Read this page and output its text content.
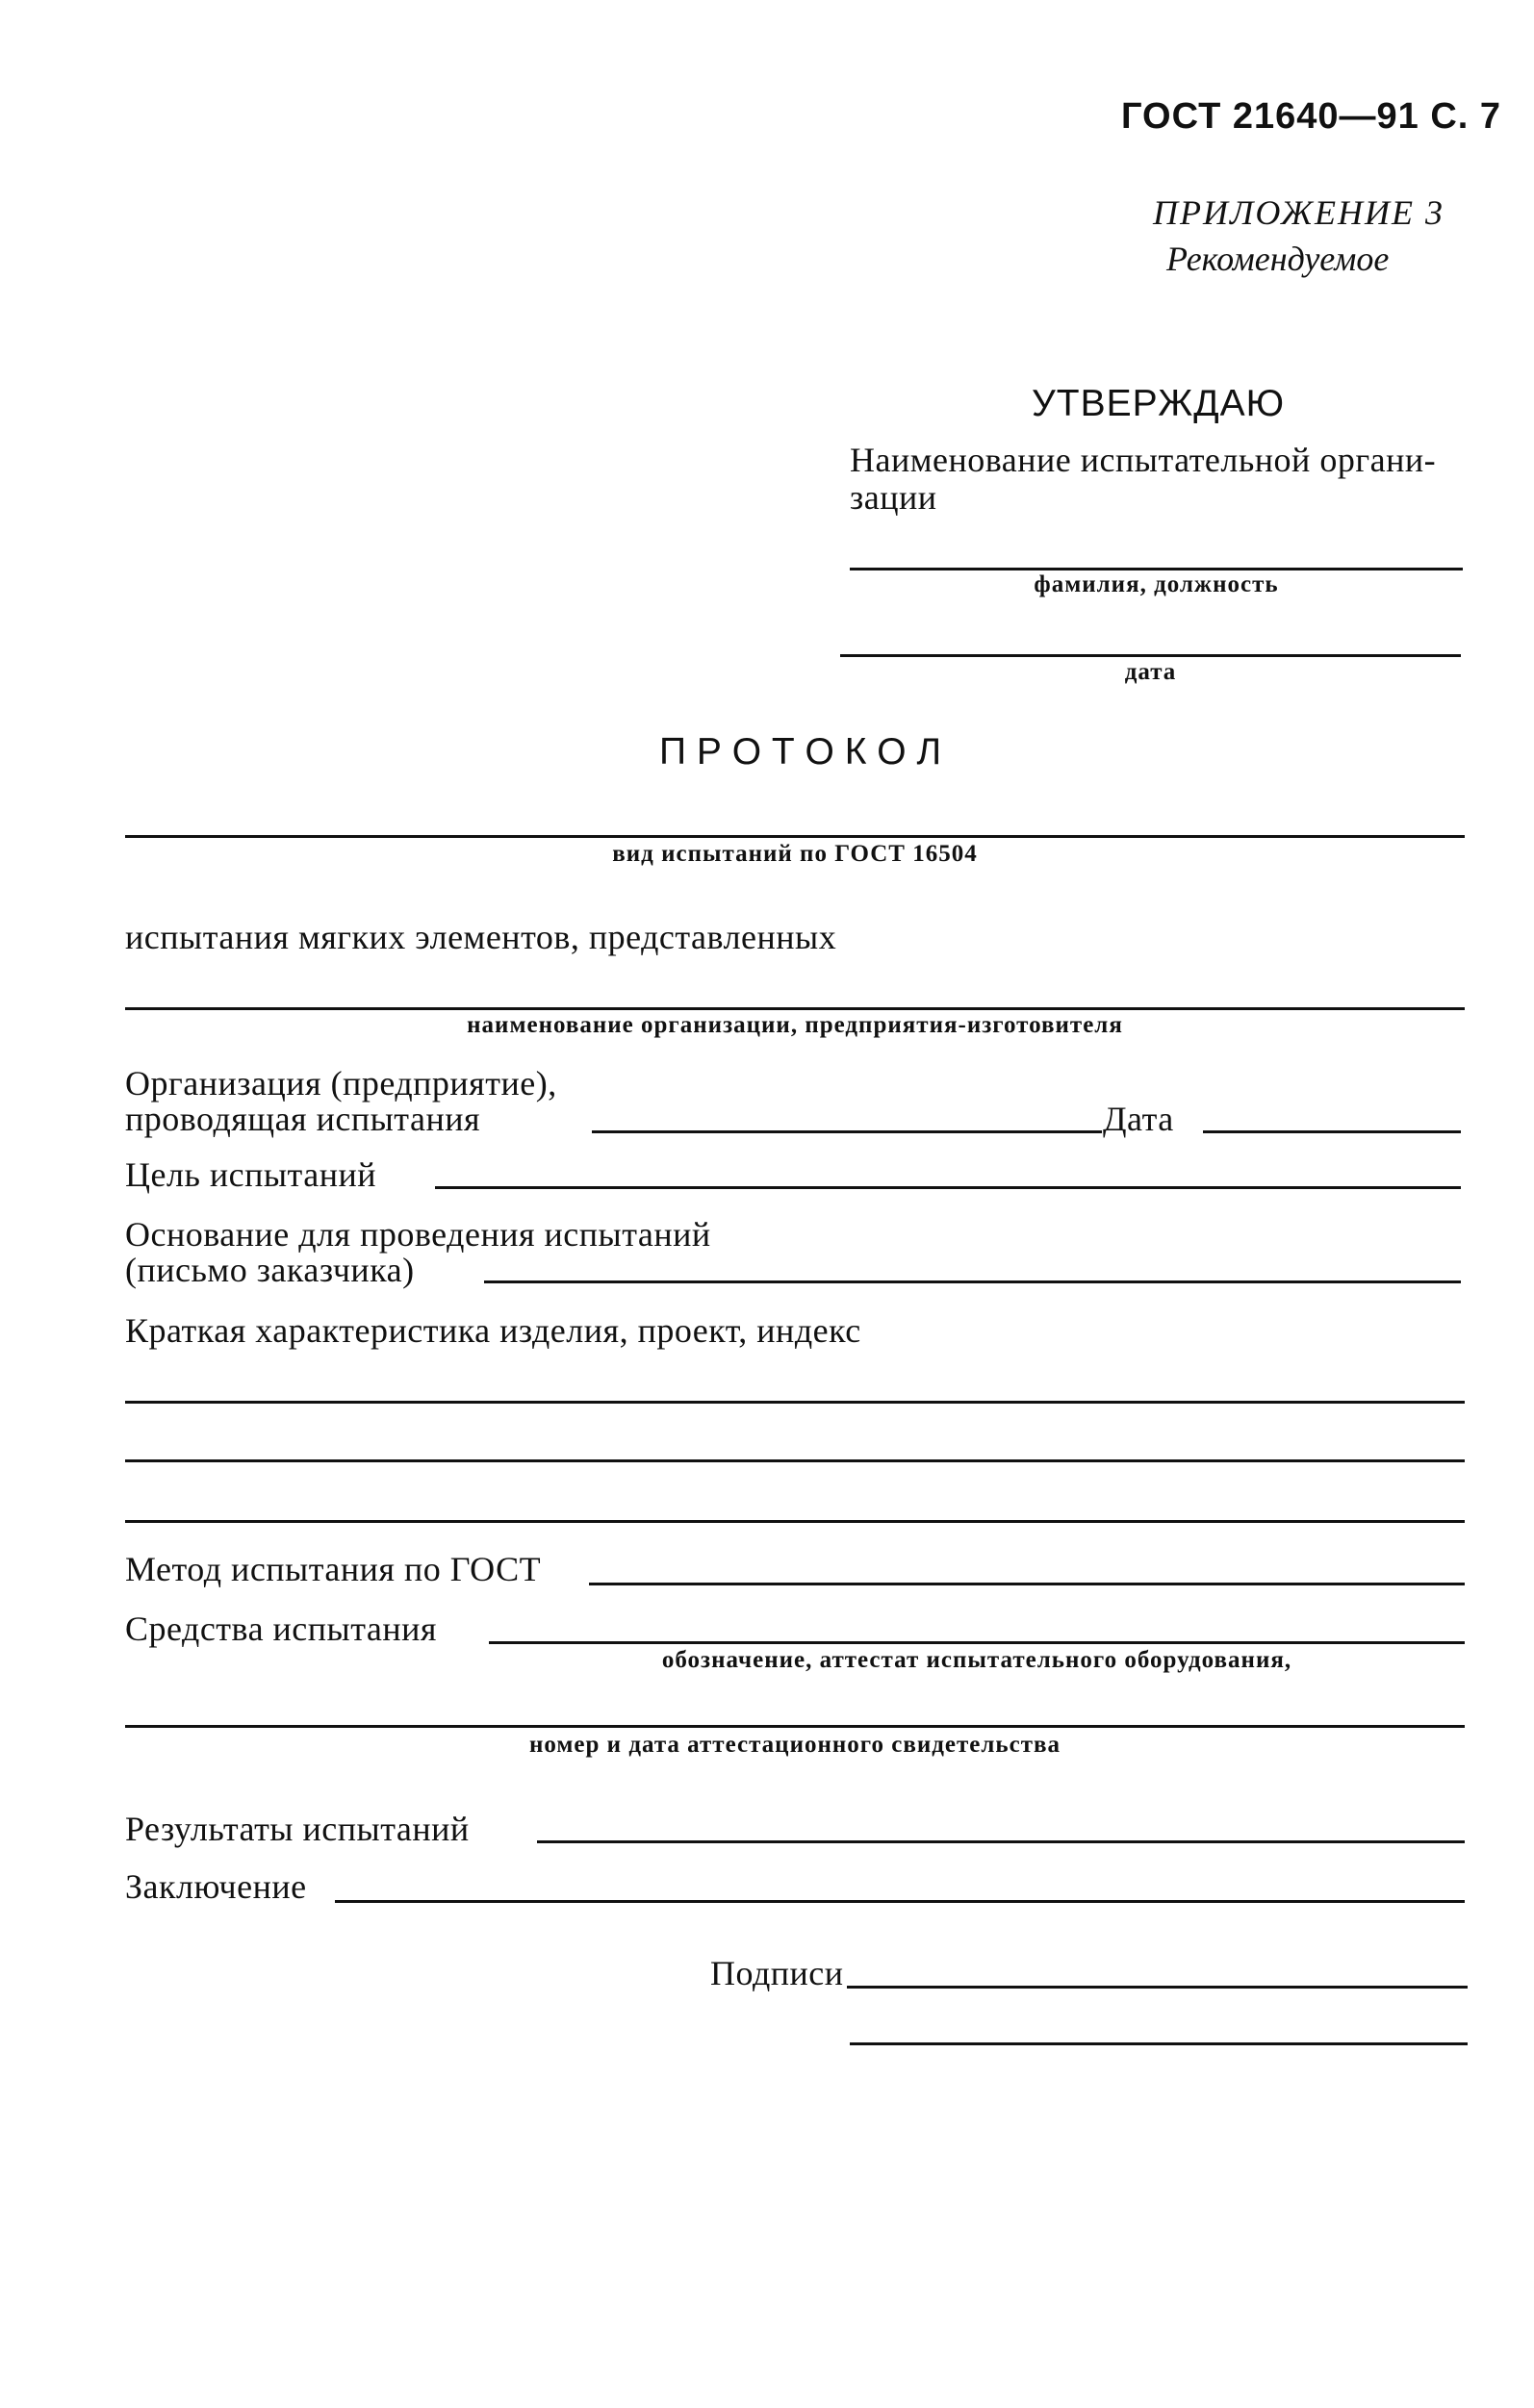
ГОСТ 21640—91 С. 7
ПРИЛОЖЕНИЕ 3
Рекомендуемое
УТВЕРЖДАЮ
Наименование испытательной органи-
зации
фамилия, должность
дата
П Р О Т О К О Л
вид испытаний по ГОСТ 16504
испытания мягких элементов, представленных
наименование организации, предприятия-изготовителя
Организация (предприятие),
проводящая испытания	Дата
Цель испытаний
Основание для проведения испытаний
(письмо заказчика)
Краткая характеристика изделия, проект, индекс
Метод испытания по ГОСТ
Средства испытания
обозначение, аттестат испытательного оборудования,
номер и дата аттестационного свидетельства
Результаты испытаний
Заключение
Подписи
